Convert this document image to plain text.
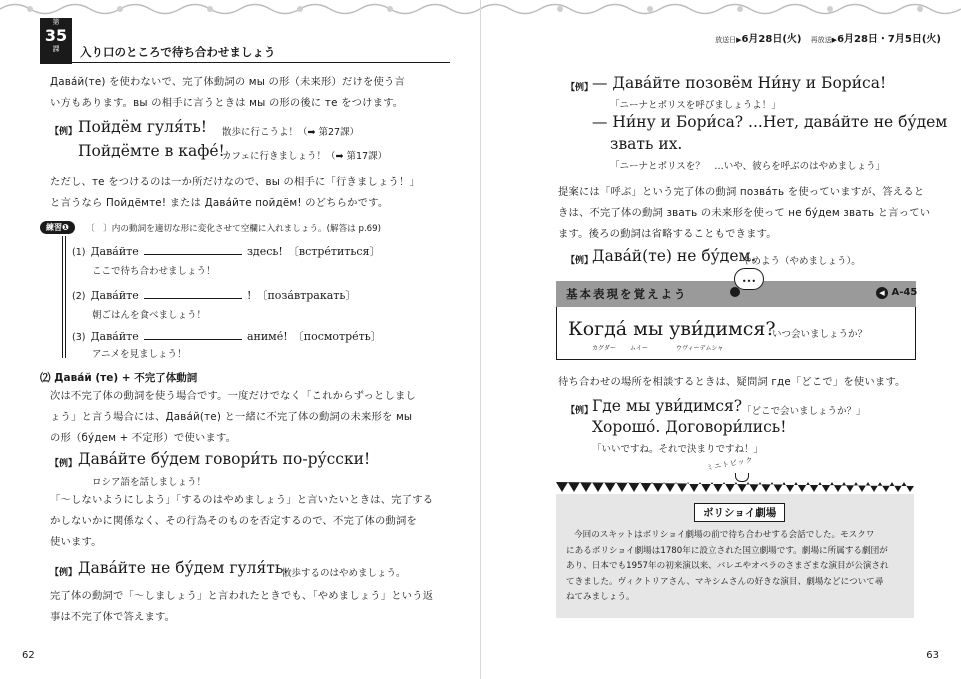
第
35
課	入り口のところで待ち合わせましょう
Дава́й(те) を使わないで、完了体動詞の мы の形（未来形）だけを使う言
い方もあります。вы の相手に言うときは мы の形の後に те をつけます。
【例】 Пойдём гуля́ть! 散歩に行こうよ！（➡ 第27課）
Пойдёмте в кафе́!
カフェに行きましょう！（➡ 第17課）
ただし、те をつけるのは一か所だけなので、вы の相手に「行きましょう！」
と言うなら Пойдёмте! または Дава́йте пойдём! のどちらかです。
練習❶	〔　〕内の動詞を適切な形に変化させて空欄に入れましょう。(解答は p.69)
(1) Дава́йте	здесь! 〔встре́титься〕
ここで待ち合わせましょう！
(2) Дава́йте	! 〔поза́втракать〕
朝ごはんを食べましょう！
(3) Дава́йте	аниме́! 〔посмотре́ть〕
アニメを見ましょう！
⑵ Дава́й (те) + 不完了体動詞
次は不完了体の動詞を使う場合です。一度だけでなく「これからずっとしまし
ょう」と言う場合には、Дава́й(те) と一緒に不完了体の動詞の未来形を мы
の形（бу́дем + 不定形）で使います。
【例】 Дава́йте бу́дем говори́ть по-ру́сски!
ロシア語を話しましょう！
「〜しないようにしよう」「するのはやめましょう」と言いたいときは、完了する
かしないかに関係なく、その行為そのものを否定するので、不完了体の動詞を
使います。
【例】 Дава́йте не бу́дем гуля́ть.
散歩するのはやめましょう。
完了体の動詞で「〜しましょう」と言われたときでも、「やめましょう」という返
事は不完了体で答えます。
62
放送日▶6月28日(火) 再放送▶6月28日・7月5日(火)
【例】
— Дава́йте позовём Ни́ну и Бори́са!
「ニーナとボリスを呼びましょうよ！」
— Ни́ну и Бори́са? ...Нет, дава́йте не бу́дем
звать их.
「ニーナとボリスを？　…いや、彼らを呼ぶのはやめましょう」
提案には「呼ぶ」という完了体の動詞 позва́ть を使っていますが、答えると
きは、不完了体の動詞 звать の未来形を使って не бу́дем звать と言ってい
ます。後ろの動詞は省略することもできます。
【例】
Дава́й(те) не бу́дем.
やめよう（やめましょう）。
基本表現を覚えよう
•••
◀ A-45
Когда́ мы уви́димся?
いつ会いましょうか？
カグダー ムイー	ウヴィーデムシャ
待ち合わせの場所を相談するときは、疑問詞 где「どこで」を使います。
【例】
Где мы уви́димся? 「どこで会いましょうか？」
Хорошо́. Договори́лись!
「いいですね。それで決まりですね！」
ミニトピック
ボリショイ劇場
今回のスキットはボリショイ劇場の前で待ち合わせする会話でした。モスクワ
にあるボリショイ劇場は1780年に設立された国立劇場です。劇場に所属する劇団が
あり、日本でも1957年の初来演以来、バレエやオペラのさまざまな演目が公演され
てきました。ヴィクトリアさん、マキシムさんの好きな演目、劇場などについて尋
ねてみましょう。
63
